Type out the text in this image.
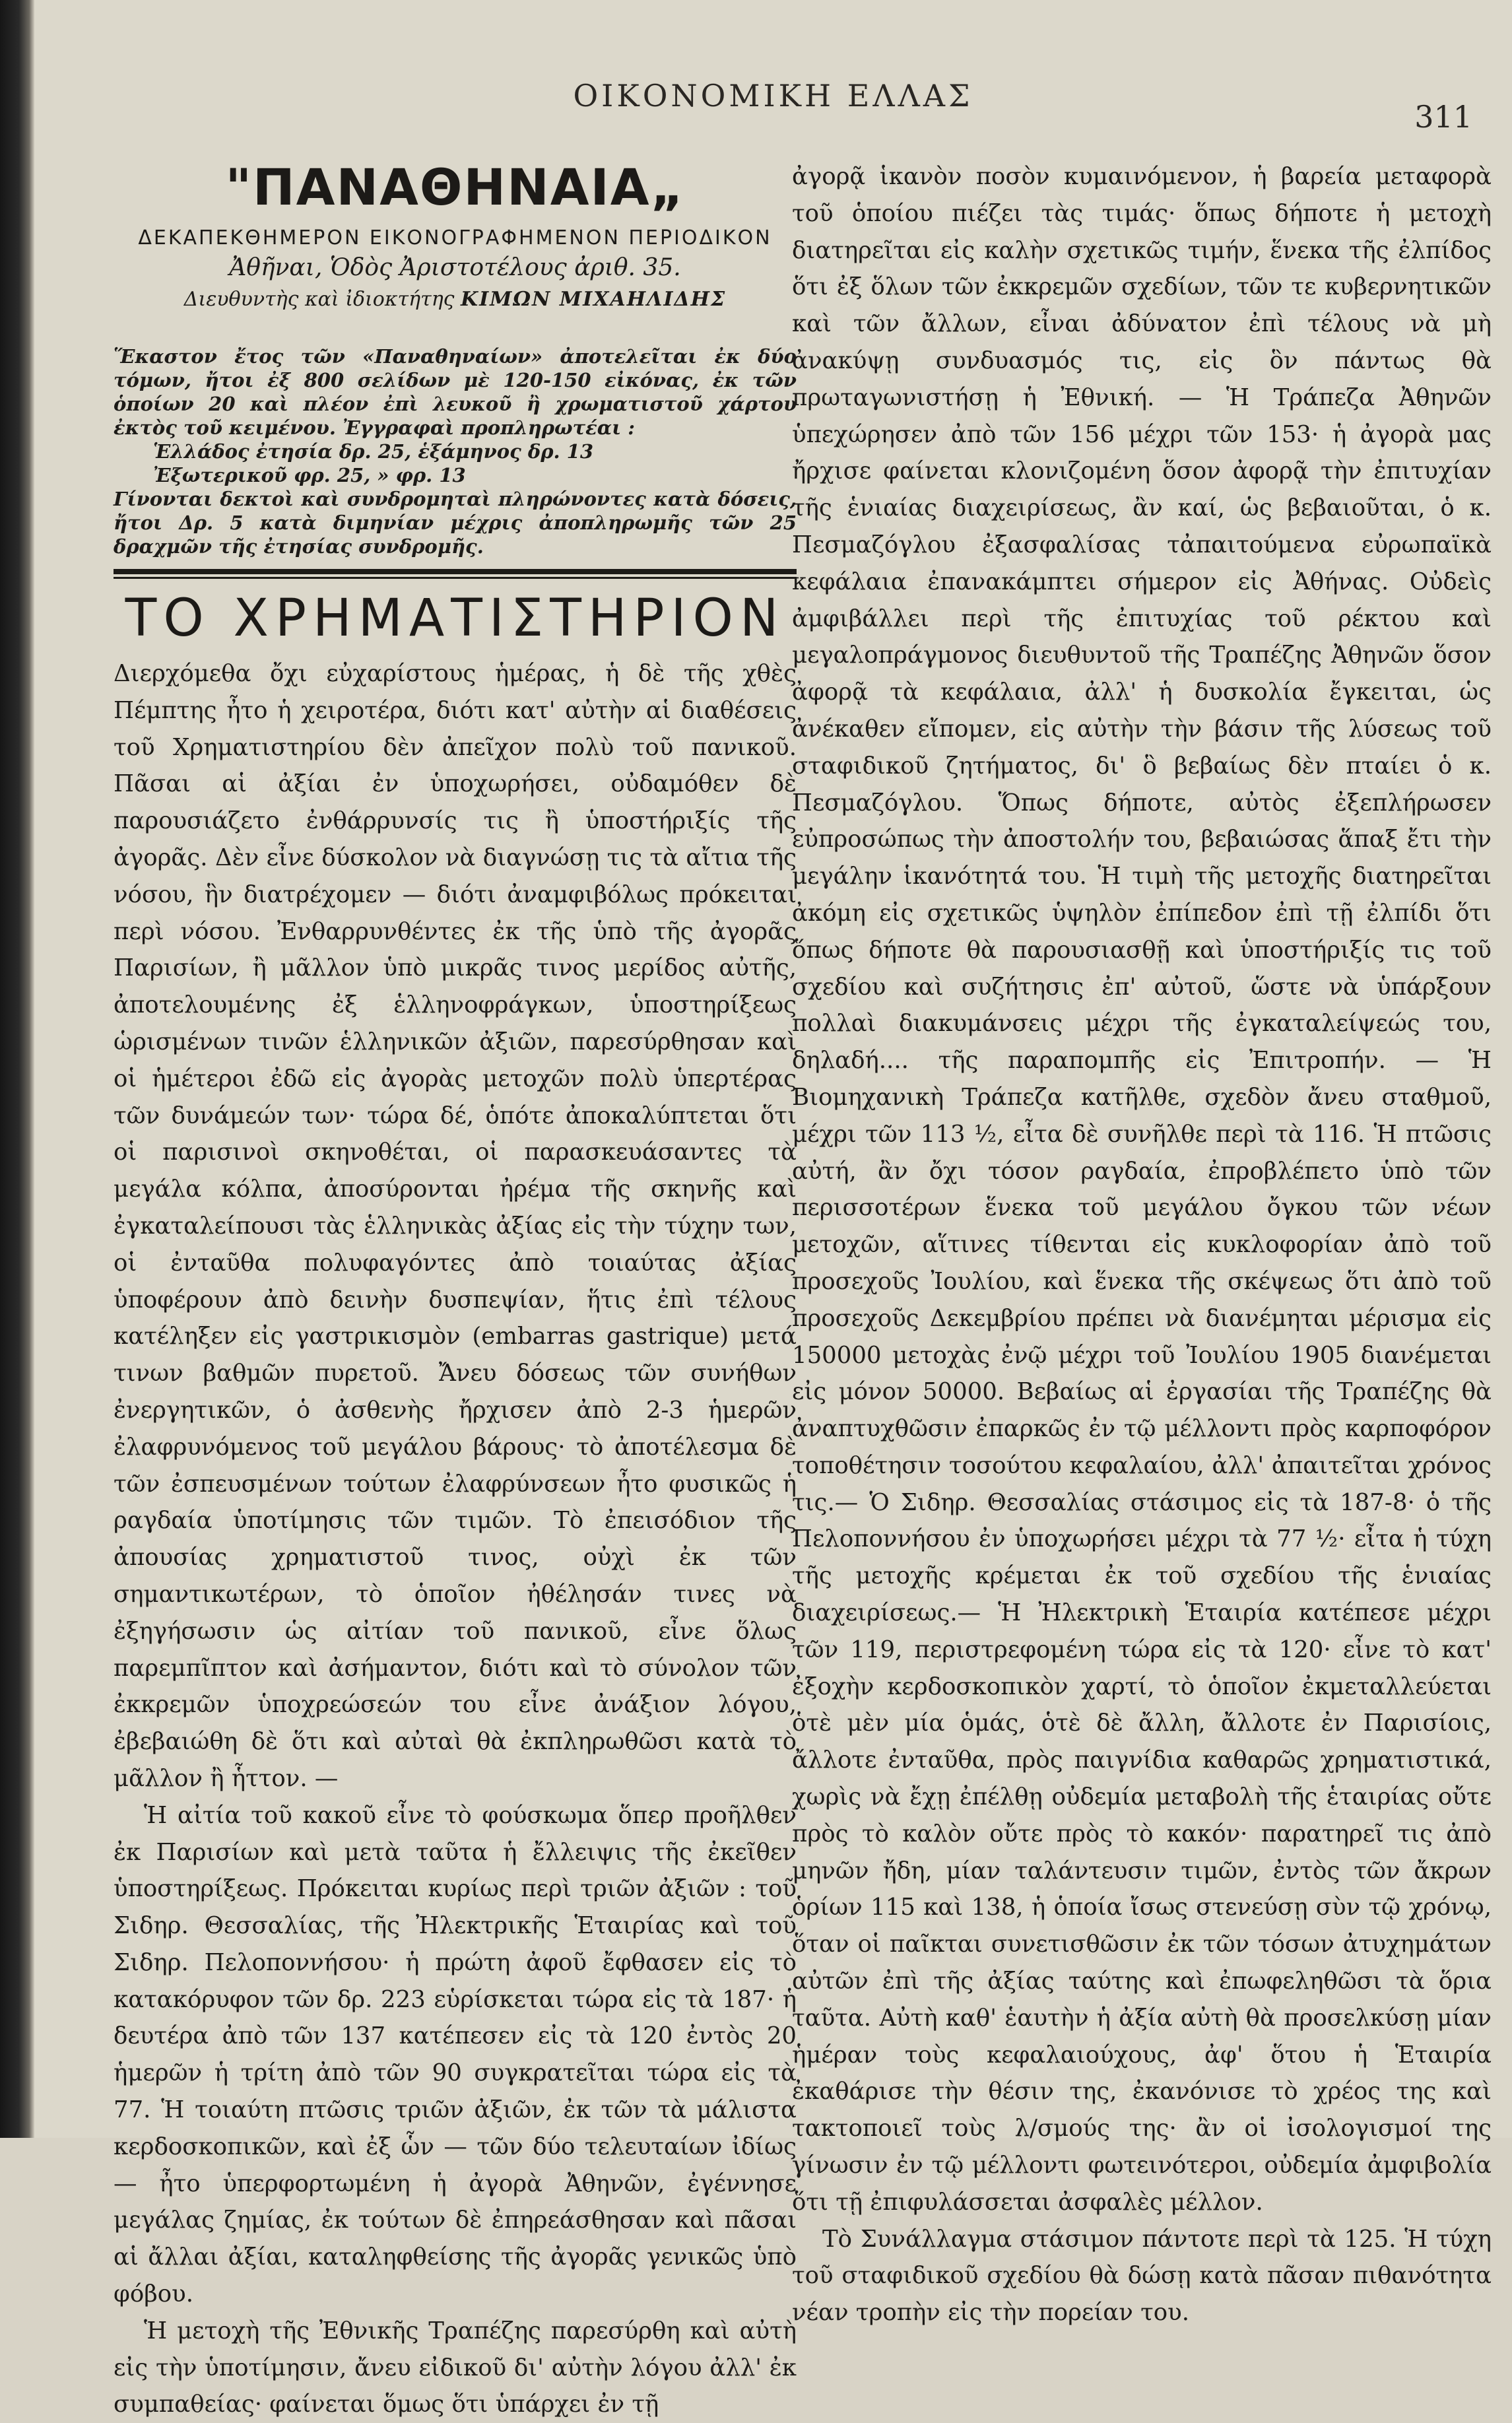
ΟΙΚΟΝΟΜΙΚΗ ΕΛΛΑΣ
311
"ΠΑΝΑΘΗΝΑΙΑ„
ΔΕΚΑΠΕΚΘΗΜΕΡΟΝ ΕΙΚΟΝΟΓΡΑΦΗΜΕΝΟΝ ΠΕΡΙΟΔΙΚΟΝ
Ἀθῆναι, Ὁδὸς Ἀριστοτέλους ἀριθ. 35.
Διευθυντὴς καὶ ἰδιοκτήτης ΚΙΜΩΝ ΜΙΧΑΗΛΙΔΗΣ
Ἕκαστον ἔτος τῶν «Παναθηναίων» ἀποτελεῖται ἐκ δύο τόμων, ἤτοι ἐξ 800 σελίδων μὲ 120-150 εἰκόνας, ἐκ τῶν ὁποίων 20 καὶ πλέον ἐπὶ λευκοῦ ἢ χρωματιστοῦ χάρτου ἐκτὸς τοῦ κειμένου. Ἐγγραφαὶ προπληρωτέαι :
Ἑλλάδος ἐτησία δρ. 25, ἑξάμηνος δρ. 13
Ἐξωτερικοῦ φρ. 25, » φρ. 13
Γίνονται δεκτοὶ καὶ συνδρομηταὶ πληρώνοντες κατὰ δόσεις, ἤτοι Δρ. 5 κατὰ διμηνίαν μέχρις ἀποπληρωμῆς τῶν 25 δραχμῶν τῆς ἐτησίας συνδρομῆς.
ΤΟ ΧΡΗΜΑΤΙΣΤΗΡΙΟΝ

Διερχόμεθα ὄχι εὐχαρίστους ἡμέρας, ἡ δὲ τῆς χθὲς Πέμπτης ἦτο ἡ χειροτέρα, διότι κατ' αὐτὴν αἱ διαθέσεις τοῦ Χρηματιστηρίου δὲν ἀπεῖχον πολὺ τοῦ πανικοῦ. Πᾶσαι αἱ ἀξίαι ἐν ὑποχωρήσει, οὐδαμόθεν δὲ παρουσιάζετο ἐνθάρρυνσίς τις ἢ ὑποστήριξίς τῆς ἀγορᾶς. Δὲν εἶνε δύσκολον νὰ διαγνώσῃ τις τὰ αἴτια τῆς νόσου, ἣν διατρέχομεν — διότι ἀναμφιβόλως πρόκειται περὶ νόσου. Ἐνθαρρυνθέντες ἐκ τῆς ὑπὸ τῆς ἀγορᾶς Παρισίων, ἢ μᾶλλον ὑπὸ μικρᾶς τινος μερίδος αὐτῆς, ἀποτελουμένης ἐξ ἑλληνοφράγκων, ὑποστηρίξεως ὡρισμένων τινῶν ἑλληνικῶν ἀξιῶν, παρεσύρθησαν καὶ οἱ ἡμέτεροι ἐδῶ εἰς ἀγορὰς μετοχῶν πολὺ ὑπερτέρας τῶν δυνάμεών των· τώρα δέ, ὁπότε ἀποκαλύπτεται ὅτι οἱ παρισινοὶ σκηνοθέται, οἱ παρασκευάσαντες τὰ μεγάλα κόλπα, ἀποσύρονται ἠρέμα τῆς σκηνῆς καὶ ἐγκαταλείπουσι τὰς ἑλληνικὰς ἀξίας εἰς τὴν τύχην των, οἱ ἐνταῦθα πολυφαγόντες ἀπὸ τοιαύτας ἀξίας ὑποφέρουν ἀπὸ δεινὴν δυσπεψίαν, ἥτις ἐπὶ τέλους κατέληξεν εἰς γαστρικισμὸν (embarras gastrique) μετά τινων βαθμῶν πυρετοῦ. Ἄνευ δόσεως τῶν συνήθων ἐνεργητικῶν, ὁ ἀσθενὴς ἤρχισεν ἀπὸ 2-3 ἡμερῶν ἐλαφρυνόμενος τοῦ μεγάλου βάρους· τὸ ἀποτέλεσμα δὲ τῶν ἐσπευσμένων τούτων ἐλαφρύνσεων ἦτο φυσικῶς ἡ ραγδαία ὑποτίμησις τῶν τιμῶν. Τὸ ἐπεισόδιον τῆς ἀπουσίας χρηματιστοῦ τινος, οὐχὶ ἐκ τῶν σημαντικωτέρων, τὸ ὁποῖον ἠθέλησάν τινες νὰ ἐξηγήσωσιν ὡς αἰτίαν τοῦ πανικοῦ, εἶνε ὅλως παρεμπῖπτον καὶ ἀσήμαντον, διότι καὶ τὸ σύνολον τῶν ἐκκρεμῶν ὑποχρεώσεών του εἶνε ἀνάξιον λόγου, ἐβεβαιώθη δὲ ὅτι καὶ αὐταὶ θὰ ἐκπληρωθῶσι κατὰ τὸ μᾶλλον ἢ ἧττον. —

Ἡ αἰτία τοῦ κακοῦ εἶνε τὸ φούσκωμα ὅπερ προῆλθεν ἐκ Παρισίων καὶ μετὰ ταῦτα ἡ ἔλλειψις τῆς ἐκεῖθεν ὑποστηρίξεως. Πρόκειται κυρίως περὶ τριῶν ἀξιῶν : τοῦ Σιδηρ. Θεσσαλίας, τῆς Ἠλεκτρικῆς Ἑταιρίας καὶ τοῦ Σιδηρ. Πελοποννήσου· ἡ πρώτη ἀφοῦ ἔφθασεν εἰς τὸ κατακόρυφον τῶν δρ. 223 εὑρίσκεται τώρα εἰς τὰ 187· ἡ δευτέρα ἀπὸ τῶν 137 κατέπεσεν εἰς τὰ 120 ἐντὸς 20 ἡμερῶν ἡ τρίτη ἀπὸ τῶν 90 συγκρατεῖται τώρα εἰς τὰ 77. Ἡ τοιαύτη πτῶσις τριῶν ἀξιῶν, ἐκ τῶν τὰ μάλιστα κερδοσκοπικῶν, καὶ ἐξ ὧν — τῶν δύο τελευταίων ἰδίως — ἦτο ὑπερφορτωμένη ἡ ἀγορὰ Ἀθηνῶν, ἐγέννησε μεγάλας ζημίας, ἐκ τούτων δὲ ἐπηρεάσθησαν καὶ πᾶσαι αἱ ἄλλαι ἀξίαι, καταληφθείσης τῆς ἀγορᾶς γενικῶς ὑπὸ φόβου.

Ἡ μετοχὴ τῆς Ἐθνικῆς Τραπέζης παρεσύρθη καὶ αὐτὴ εἰς τὴν ὑποτίμησιν, ἄνευ εἰδικοῦ δι' αὐτὴν λόγου ἀλλ' ἐκ συμπαθείας· φαίνεται ὅμως ὅτι ὑπάρχει ἐν τῇ

ἀγορᾷ ἱκανὸν ποσὸν κυμαινόμενον, ἡ βαρεία μεταφορὰ τοῦ ὁποίου πιέζει τὰς τιμάς· ὅπως δήποτε ἡ μετοχὴ διατηρεῖται εἰς καλὴν σχετικῶς τιμήν, ἕνεκα τῆς ἐλπίδος ὅτι ἐξ ὅλων τῶν ἐκκρεμῶν σχεδίων, τῶν τε κυβερνητικῶν καὶ τῶν ἄλλων, εἶναι ἀδύνατον ἐπὶ τέλους νὰ μὴ ἀνακύψῃ συνδυασμός τις, εἰς ὃν πάντως θὰ πρωταγωνιστήσῃ ἡ Ἐθνική. — Ἡ Τράπεζα Ἀθηνῶν ὑπεχώρησεν ἀπὸ τῶν 156 μέχρι τῶν 153· ἡ ἀγορὰ μας ἤρχισε φαίνεται κλονιζομένη ὅσον ἀφορᾷ τὴν ἐπιτυχίαν τῆς ἑνιαίας διαχειρίσεως, ἂν καί, ὡς βεβαιοῦται, ὁ κ. Πεσμαζόγλου ἐξασφαλίσας τἀπαιτούμενα εὐρωπαϊκὰ κεφάλαια ἐπανακάμπτει σήμερον εἰς Ἀθήνας. Οὐδεὶς ἀμφιβάλλει περὶ τῆς ἐπιτυχίας τοῦ ρέκτου καὶ μεγαλοπράγμονος διευθυντοῦ τῆς Τραπέζης Ἀθηνῶν ὅσον ἀφορᾷ τὰ κεφάλαια, ἀλλ' ἡ δυσκολία ἔγκειται, ὡς ἀνέκαθεν εἴπομεν, εἰς αὐτὴν τὴν βάσιν τῆς λύσεως τοῦ σταφιδικοῦ ζητήματος, δι' ὃ βεβαίως δὲν πταίει ὁ κ. Πεσμαζόγλου. Ὅπως δήποτε, αὐτὸς ἐξεπλήρωσεν εὐπροσώπως τὴν ἀποστολήν του, βεβαιώσας ἅπαξ ἔτι τὴν μεγάλην ἱκανότητά του. Ἡ τιμὴ τῆς μετοχῆς διατηρεῖται ἀκόμη εἰς σχετικῶς ὑψηλὸν ἐπίπεδον ἐπὶ τῇ ἐλπίδι ὅτι ὅπως δήποτε θὰ παρουσιασθῇ καὶ ὑποστήριξίς τις τοῦ σχεδίου καὶ συζήτησις ἐπ' αὐτοῦ, ὥστε νὰ ὑπάρξουν πολλαὶ διακυμάνσεις μέχρι τῆς ἐγκαταλείψεώς του, δηλαδή.... τῆς παραπομπῆς εἰς Ἐπιτροπήν. — Ἡ Βιομηχανικὴ Τράπεζα κατῆλθε, σχεδὸν ἄνευ σταθμοῦ, μέχρι τῶν 113 ½, εἶτα δὲ συνῆλθε περὶ τὰ 116. Ἡ πτῶσις αὐτή, ἂν ὄχι τόσον ραγδαία, ἐπροβλέπετο ὑπὸ τῶν περισσοτέρων ἕνεκα τοῦ μεγάλου ὄγκου τῶν νέων μετοχῶν, αἵτινες τίθενται εἰς κυκλοφορίαν ἀπὸ τοῦ προσεχοῦς Ἰουλίου, καὶ ἕνεκα τῆς σκέψεως ὅτι ἀπὸ τοῦ προσεχοῦς Δεκεμβρίου πρέπει νὰ διανέμηται μέρισμα εἰς 150000 μετοχὰς ἐνῷ μέχρι τοῦ Ἰουλίου 1905 διανέμεται εἰς μόνον 50000. Βεβαίως αἱ ἐργασίαι τῆς Τραπέζης θὰ ἀναπτυχθῶσιν ἐπαρκῶς ἐν τῷ μέλλοντι πρὸς καρποφόρον τοποθέτησιν τοσούτου κεφαλαίου, ἀλλ' ἀπαιτεῖται χρόνος τις.— Ὁ Σιδηρ. Θεσσαλίας στάσιμος εἰς τὰ 187-8· ὁ τῆς Πελοποννήσου ἐν ὑποχωρήσει μέχρι τὰ 77 ½· εἶτα ἡ τύχη τῆς μετοχῆς κρέμεται ἐκ τοῦ σχεδίου τῆς ἑνιαίας διαχειρίσεως.— Ἡ Ἠλεκτρικὴ Ἑταιρία κατέπεσε μέχρι τῶν 119, περιστρεφομένη τώρα εἰς τὰ 120· εἶνε τὸ κατ' ἐξοχὴν κερδοσκοπικὸν χαρτί, τὸ ὁποῖον ἐκμεταλλεύεται ὁτὲ μὲν μία ὁμάς, ὁτὲ δὲ ἄλλη, ἄλλοτε ἐν Παρισίοις, ἄλλοτε ἐνταῦθα, πρὸς παιγνίδια καθαρῶς χρηματιστικά, χωρὶς νὰ ἔχῃ ἐπέλθῃ οὐδεμία μεταβολὴ τῆς ἑταιρίας οὔτε πρὸς τὸ καλὸν οὔτε πρὸς τὸ κακόν· παρατηρεῖ τις ἀπὸ μηνῶν ἤδη, μίαν ταλάντευσιν τιμῶν, ἐντὸς τῶν ἄκρων ὁρίων 115 καὶ 138, ἡ ὁποία ἴσως στενεύσῃ σὺν τῷ χρόνῳ, ὅταν οἱ παῖκται συνετισθῶσιν ἐκ τῶν τόσων ἀτυχημάτων αὐτῶν ἐπὶ τῆς ἀξίας ταύτης καὶ ἐπωφεληθῶσι τὰ ὅρια ταῦτα. Αὐτὴ καθ' ἑαυτὴν ἡ ἀξία αὐτὴ θὰ προσελκύσῃ μίαν ἡμέραν τοὺς κεφαλαιούχους, ἀφ' ὅτου ἡ Ἑταιρία ἐκαθάρισε τὴν θέσιν της, ἐκανόνισε τὸ χρέος της καὶ τακτοποιεῖ τοὺς λ/σμούς της· ἂν οἱ ἰσολογισμοί της γίνωσιν ἐν τῷ μέλλοντι φωτεινότεροι, οὐδεμία ἀμφιβολία ὅτι τῇ ἐπιφυλάσσεται ἀσφαλὲς μέλλον.

Τὸ Συνάλλαγμα στάσιμον πάντοτε περὶ τὰ 125. Ἡ τύχη τοῦ σταφιδικοῦ σχεδίου θὰ δώσῃ κατὰ πᾶσαν πιθανότητα νέαν τροπὴν εἰς τὴν πορείαν του.
